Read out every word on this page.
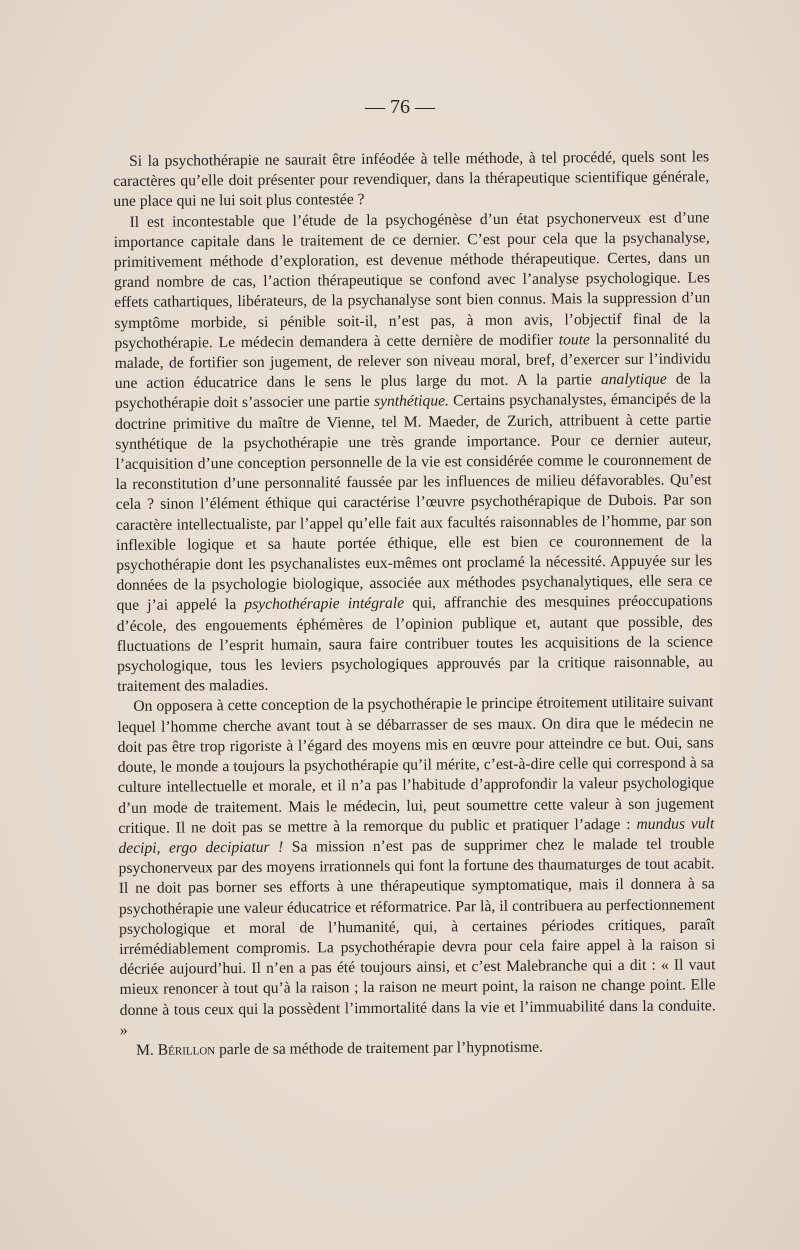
— 76 —

Si la psychothérapie ne saurait être inféodée à telle méthode, à tel procédé, quels sont les caractères qu’elle doit présenter pour revendiquer, dans la thérapeutique scientifique générale, une place qui ne lui soit plus contestée ?

Il est incontestable que l’étude de la psychogénèse d’un état psychonerveux est d’une importance capitale dans le traitement de ce dernier. C’est pour cela que la psychanalyse, primitivement méthode d’exploration, est devenue méthode thérapeutique. Certes, dans un grand nombre de cas, l’action thérapeutique se confond avec l’analyse psychologique. Les effets cathartiques, libérateurs, de la psychanalyse sont bien connus. Mais la suppression d’un symptôme morbide, si pénible soit-il, n’est pas, à mon avis, l’objectif final de la psychothérapie. Le médecin demandera à cette dernière de modifier toute la personnalité du malade, de fortifier son jugement, de relever son niveau moral, bref, d’exercer sur l’individu une action éducatrice dans le sens le plus large du mot. A la partie analytique de la psychothérapie doit s’associer une partie synthétique. Certains psychanalystes, émancipés de la doctrine primitive du maître de Vienne, tel M. Maeder, de Zurich, attribuent à cette partie synthétique de la psychothérapie une très grande importance. Pour ce dernier auteur, l’acquisition d’une conception personnelle de la vie est considérée comme le couronnement de la reconstitution d’une personnalité faussée par les influences de milieu défavorables. Qu’est cela ? sinon l’élément éthique qui caractérise l’œuvre psychothérapique de Dubois. Par son caractère intellectualiste, par l’appel qu’elle fait aux facultés raisonnables de l’homme, par son inflexible logique et sa haute portée éthique, elle est bien ce couronnement de la psychothérapie dont les psychanalistes eux-mêmes ont proclamé la nécessité. Appuyée sur les données de la psychologie biologique, associée aux méthodes psychanalytiques, elle sera ce que j’ai appelé la psychothérapie intégrale qui, affranchie des mesquines préoccupations d’école, des engouements éphémères de l’opinion publique et, autant que possible, des fluctuations de l’esprit humain, saura faire contribuer toutes les acquisitions de la science psychologique, tous les leviers psychologiques approuvés par la critique raisonnable, au traitement des maladies.

On opposera à cette conception de la psychothérapie le principe étroitement utilitaire suivant lequel l’homme cherche avant tout à se débarrasser de ses maux. On dira que le médecin ne doit pas être trop rigoriste à l’égard des moyens mis en œuvre pour atteindre ce but. Oui, sans doute, le monde a toujours la psychothérapie qu’il mérite, c’est-à-dire celle qui correspond à sa culture intellectuelle et morale, et il n’a pas l’habitude d’approfondir la valeur psychologique d’un mode de traitement. Mais le médecin, lui, peut soumettre cette valeur à son jugement critique. Il ne doit pas se mettre à la remorque du public et pratiquer l’adage : mundus vult decipi, ergo decipiatur ! Sa mission n’est pas de supprimer chez le malade tel trouble psychonerveux par des moyens irrationnels qui font la fortune des thaumaturges de tout acabit. Il ne doit pas borner ses efforts à une thérapeutique symptomatique, mais il donnera à sa psychothérapie une valeur éducatrice et réformatrice. Par là, il contribuera au perfectionnement psychologique et moral de l’humanité, qui, à certaines périodes critiques, paraît irrémédiablement compromis. La psychothérapie devra pour cela faire appel à la raison si décriée aujourd’hui. Il n’en a pas été toujours ainsi, et c’est Malebranche qui a dit : « Il vaut mieux renoncer à tout qu’à la raison ; la raison ne meurt point, la raison ne change point. Elle donne à tous ceux qui la possèdent l’immortalité dans la vie et l’immuabilité dans la conduite. »

M. Bérillon parle de sa méthode de traitement par l’hypnotisme.
